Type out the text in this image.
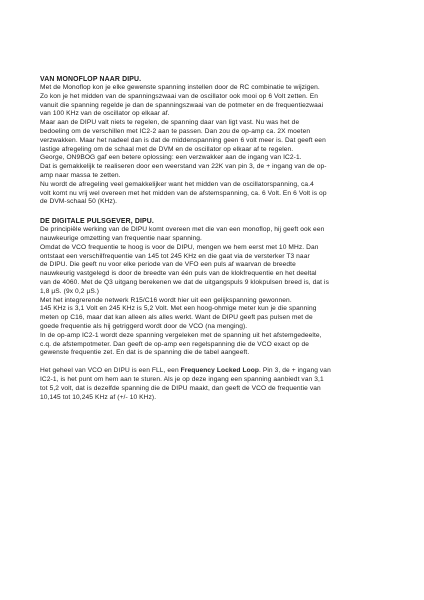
VAN MONOFLOP NAAR DIPU.

Met de Monoflop kon je elke gewenste spanning instellen door de RC combinatie te wijzigen.

Zo kon je het midden van de spanningszwaai van de oscillator ook mooi op 6 Volt zetten. En

vanuit die spanning regelde je dan de spanningszwaai van de potmeter en de frequentiezwaai

van 100 KHz van de oscillator op elkaar af.

Maar aan de DIPU valt niets te regelen, de spanning daar van ligt vast. Nu was het de

bedoeling om de verschillen met IC2-2 aan te passen. Dan zou de op-amp ca. 2X moeten

verzwakken. Maar het nadeel dan is dat de middenspanning geen 6 volt meer is. Dat geeft een

lastige afregeling om de schaal met de DVM en de oscillator op elkaar af te regelen.

George, ON9BOG gaf een betere oplossing: een verzwakker aan de ingang van IC2-1.

Dat is gemakkelijk te realiseren door een weerstand van 22K van pin 3, de + ingang van de op-

amp naar massa te zetten.

Nu wordt de afregeling veel gemakkelijker want het midden van de oscillatorspanning, ca.4

volt komt nu vrij wel overeen met het midden van de afstemspanning, ca. 6 Volt. En 6 Volt is op

de DVM-schaal 50 (KHz).

DE DIGITALE PULSGEVER, DIPU.

De principiële werking van de DIPU komt overeen met die van een monoflop, hij geeft ook een

nauwkeurige omzetting van frequentie naar spanning.

Omdat de VCO frequentie te hoog is voor de DIPU, mengen we hem eerst met 10 MHz. Dan

ontstaat een verschilfrequentie van 145 tot 245 KHz en die gaat via de versterker T3 naar

de DIPU. Die geeft nu voor elke periode van de VFO een puls af waarvan de breedte

nauwkeurig vastgelegd is door de breedte van één puls van de klokfrequentie en het deeltal

van de 4060. Met de Q3 uitgang berekenen we dat de uitgangspuls 9 klokpulsen breed is, dat is

1,8 µS. (9x 0,2 µS.)

Met het integrerende netwerk R15/C16 wordt hier uit een gelijkspanning gewonnen.

145 KHz is 3,1 Volt en 245 KHz is 5,2 Volt. Met een hoog-ohmige meter kun je die spanning

meten op C16, maar dat kan alleen als alles werkt. Want de DIPU geeft pas pulsen met de

goede frequentie als hij getriggerd wordt door de VCO (na menging).

In de op-amp IC2-1 wordt deze spanning vergeleken met de spanning uit het afstemgedeelte,

c.q. de afstempotmeter. Dan geeft de op-amp een regelspanning die de VCO exact op de

gewenste frequentie zet. En dat is de spanning die de tabel aangeeft.

Het geheel van VCO en DIPU is een FLL, een Frequency Locked Loop. Pin 3, de + ingang van

IC2-1, is het punt om hem aan te sturen. Als je op deze ingang een spanning aanbiedt van 3,1

tot 5,2 volt, dat is dezelfde spanning die de DIPU maakt, dan geeft de VCO de frequentie van

10,145 tot 10,245 KHz af (+/- 10 KHz).
